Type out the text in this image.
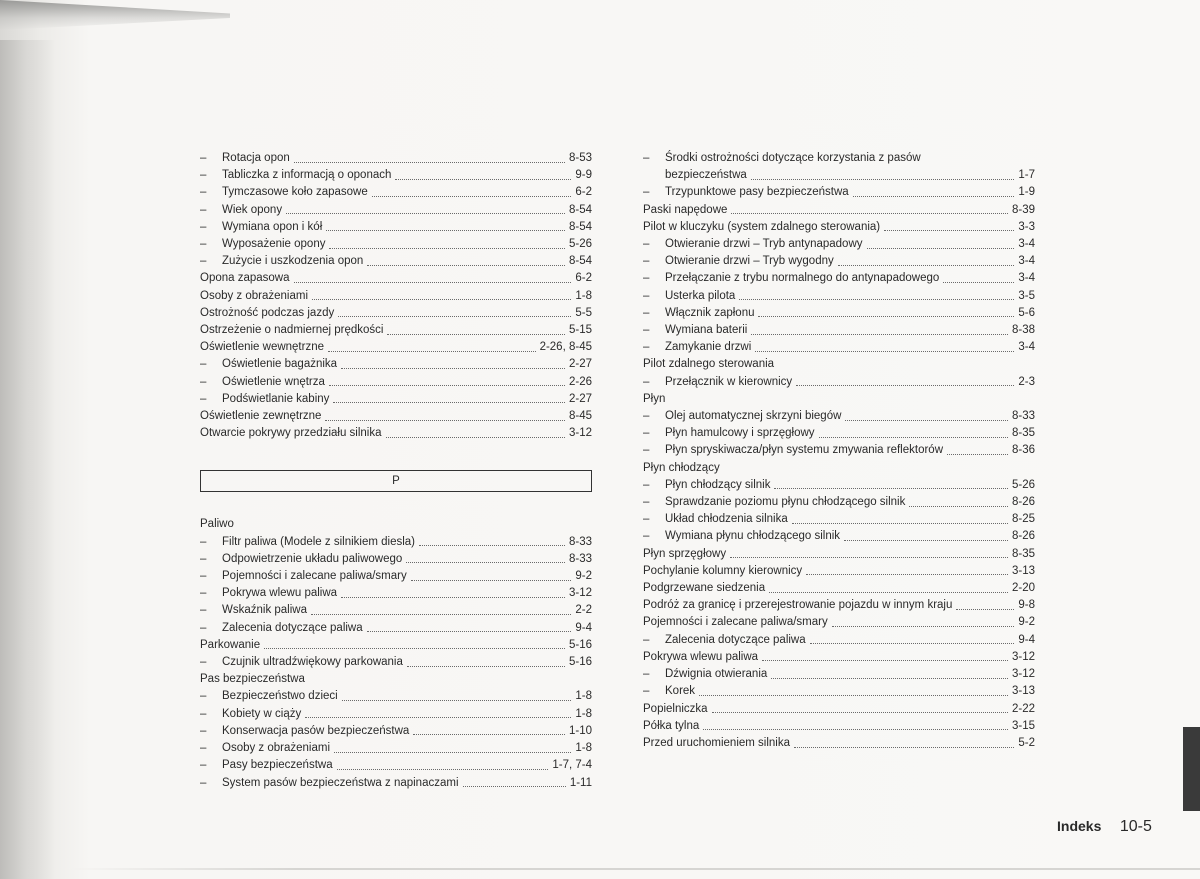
–	Rotacja opon	8-53
–	Tabliczka z informacją o oponach	9-9
–	Tymczasowe koło zapasowe	6-2
–	Wiek opony	8-54
–	Wymiana opon i kół	8-54
–	Wyposażenie opony	5-26
–	Zużycie i uszkodzenia opon	8-54
Opona zapasowa	6-2
Osoby z obrażeniami	1-8
Ostrożność podczas jazdy	5-5
Ostrzeżenie o nadmiernej prędkości	5-15
Oświetlenie wewnętrzne	2-26, 8-45
–	Oświetlenie bagażnika	2-27
–	Oświetlenie wnętrza	2-26
–	Podświetlanie kabiny	2-27
Oświetlenie zewnętrzne	8-45
Otwarcie pokrywy przedziału silnika	3-12
P
Paliwo
–	Filtr paliwa (Modele z silnikiem diesla)	8-33
–	Odpowietrzenie układu paliwowego	8-33
–	Pojemności i zalecane paliwa/smary	9-2
–	Pokrywa wlewu paliwa	3-12
–	Wskaźnik paliwa	2-2
–	Zalecenia dotyczące paliwa	9-4
Parkowanie	5-16
–	Czujnik ultradźwiękowy parkowania	5-16
Pas bezpieczeństwa
–	Bezpieczeństwo dzieci	1-8
–	Kobiety w ciąży	1-8
–	Konserwacja pasów bezpieczeństwa	1-10
–	Osoby z obrażeniami	1-8
–	Pasy bezpieczeństwa	1-7, 7-4
–	System pasów bezpieczeństwa z napinaczami	1-11
–	Środki ostrożności dotyczące korzystania z pasów
bezpieczeństwa	1-7
–	Trzypunktowe pasy bezpieczeństwa	1-9
Paski napędowe	8-39
Pilot w kluczyku (system zdalnego sterowania)	3-3
–	Otwieranie drzwi – Tryb antynapadowy	3-4
–	Otwieranie drzwi – Tryb wygodny	3-4
–	Przełączanie z trybu normalnego do antynapadowego	3-4
–	Usterka pilota	3-5
–	Włącznik zapłonu	5-6
–	Wymiana baterii	8-38
–	Zamykanie drzwi	3-4
Pilot zdalnego sterowania
–	Przełącznik w kierownicy	2-3
Płyn
–	Olej automatycznej skrzyni biegów	8-33
–	Płyn hamulcowy i sprzęgłowy	8-35
–	Płyn spryskiwacza/płyn systemu zmywania reflektorów	8-36
Płyn chłodzący
–	Płyn chłodzący silnik	5-26
–	Sprawdzanie poziomu płynu chłodzącego silnik	8-26
–	Układ chłodzenia silnika	8-25
–	Wymiana płynu chłodzącego silnik	8-26
Płyn sprzęgłowy	8-35
Pochylanie kolumny kierownicy	3-13
Podgrzewane siedzenia	2-20
Podróż za granicę i przerejestrowanie pojazdu w innym kraju	9-8
Pojemności i zalecane paliwa/smary	9-2
–	Zalecenia dotyczące paliwa	9-4
Pokrywa wlewu paliwa	3-12
–	Dźwignia otwierania	3-12
–	Korek	3-13
Popielniczka	2-22
Półka tylna	3-15
Przed uruchomieniem silnika	5-2
Indeks 10-5
